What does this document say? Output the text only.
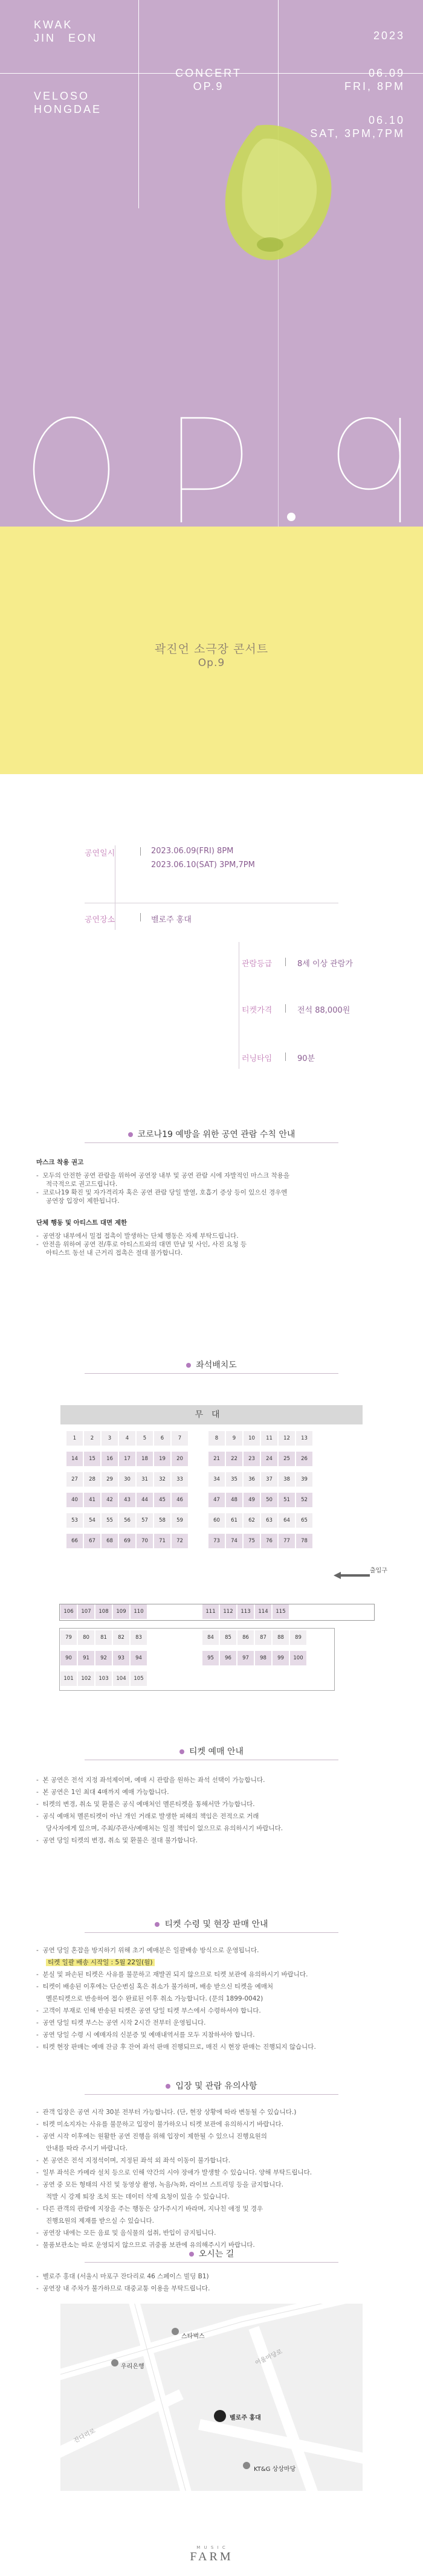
KWAK
JIN　EON
VELOSO
HONGDAE
CONCERT
OP.9
2023
06.09
FRI, 8PM
06.10
SAT, 3PM,7PM
OP.9
곽진언 소극장 콘서트
Op.9
공연일시	2023.06.09(FRI) 8PM
2023.06.10(SAT) 3PM,7PM
공연장소	벨로주 홍대
관람등급	8세 이상 관람가
티켓가격	전석 88,000원
러닝타임	90분
코로나19 예방을 위한 공연 관람 수칙 안내
마스크 착용 권고
-  모두의 안전한 공연 관람을 위하여 공연장 내부 및 공연 관람 시에 자발적인 마스크 착용을
적극적으로 권고드립니다.
-  코로나19 확진 및 자가격리자 혹은 공연 관람 당일 발열, 호흡기 증상 등이 있으신 경우엔
공연장 입장이 제한됩니다.
단체 행동 및 아티스트 대면 제한
-  공연장 내부에서 밀접 접촉이 발생하는 단체 행동은 자제 부탁드립니다.
-  안전을 위하여 공연 전/후로 아티스트와의 대면 만남 및 사인, 사진 요청 등
아티스트 동선 내 근거리 접촉은 절대 불가합니다.
좌석배치도
무대
1	2	3	4	5	6	7	8	9	10	11	12	13
14	15	16	17	18	19	20	21	22	23	24	25	26
27	28	29	30	31	32	33	34	35	36	37	38	39
40	41	42	43	44	45	46	47	48	49	50	51	52
53	54	55	56	57	58	59	60	61	62	63	64	65
66	67	68	69	70	71	72	73	74	75	76	77	78
106	107	108	109	110	111	112	113	114	115
79	80	81	82	83	84	85	86	87	88	89
90	91	92	93	94	95	96	97	98	99	100
101	102	103	104	105
출입구
티켓 예매 안내
-  본 공연은 전석 지정 좌석제이며, 예매 시 관람을 원하는 좌석 선택이 가능합니다.
-  본 공연은 1인 최대 4매까지 예매 가능합니다.
-  티켓의 변경, 취소 및 환불은 공식 예매처인 멜론티켓을 통해서만 가능합니다.
-  공식 예매처 멜론티켓이 아닌 개인 거래로 발생한 피해의 책임은 전적으로 거래
당사자에게 있으며, 주최/주관사/예매처는 일절 책임이 없으므로 유의하시기 바랍니다.
-  공연 당일 티켓의 변경, 취소 및 환불은 절대 불가합니다.
티켓 수령 및 현장 판매 안내
-  공연 당일 혼잡을 방지하기 위해 초기 예매분은 일괄배송 방식으로 운영됩니다.
티켓 일괄 배송 시작일 : 5월 22일(월)
-  분실 및 파손된 티켓은 사유를 불문하고 재발권 되지 않으므로 티켓 보관에 유의하시기 바랍니다.
-  티켓이 배송된 이후에는 단순변심 혹은 취소가 불가하며, 배송 받으신 티켓을 예매처
멜론티켓으로 반송하여 접수 완료된 이후 취소 가능합니다. (문의 1899-0042)
-  고객이 부재로 인해 반송된 티켓은 공연 당일 티켓 부스에서 수령하셔야 합니다.
-  공연 당일 티켓 부스는 공연 시작 2시간 전부터 운영됩니다.
-  공연 당일 수령 시 예매자의 신분증 및 예매내역서를 모두 지참하셔야 합니다.
-  티켓 현장 판매는 예매 잔금 후 잔여 좌석 판매 진행되므로, 매진 시 현장 판매는 진행되지 않습니다.
입장 및 관람 유의사항
-  관객 입장은 공연 시작 30분 전부터 가능합니다. (단, 현장 상황에 따라 변동될 수 있습니다.)
-  티켓 미소지자는 사유를 불문하고 입장이 불가하오니 티켓 보관에 유의하시기 바랍니다.
-  공연 시작 이후에는 원활한 공연 진행을 위해 입장이 제한될 수 있으니 진행요원의
안내를 따라 주시기 바랍니다.
-  본 공연은 전석 지정석이며, 지정된 좌석 외 좌석 이동이 불가합니다.
-  일부 좌석은 카메라 설치 등으로 인해 약간의 시야 장애가 발생할 수 있습니다. 양해 부탁드립니다.
-  공연 중 모든 형태의 사진 및 동영상 촬영, 녹음/녹화, 라이브 스트리밍 등을 금지합니다.
적발 시 강제 퇴장 조치 또는 데이터 삭제 요청이 있을 수 있습니다.
-  다른 관객의 관람에 지장을 주는 행동은 삼가주시기 바라며, 지나친 애정 및 경우
진행요원의 제재를 받으실 수 있습니다.
-  공연장 내에는 모든 음료 및 음식물의 섭취, 반입이 금지됩니다.
-  물품보관소는 따로 운영되지 않으므로 귀중품 보관에 유의해주시기 바랍니다.
오시는 길
-  벨로주 홍대 (서울시 마포구 잔다리로 46 스페이스 빌딩 B1)
-  공연장 내 주차가 불가하므로 대중교통 이용을 부탁드립니다.
스타벅스
우리은행
벨로주 홍대
KT&G 상상마당
잔다리로
어울마당로
M U S I C
FARM
